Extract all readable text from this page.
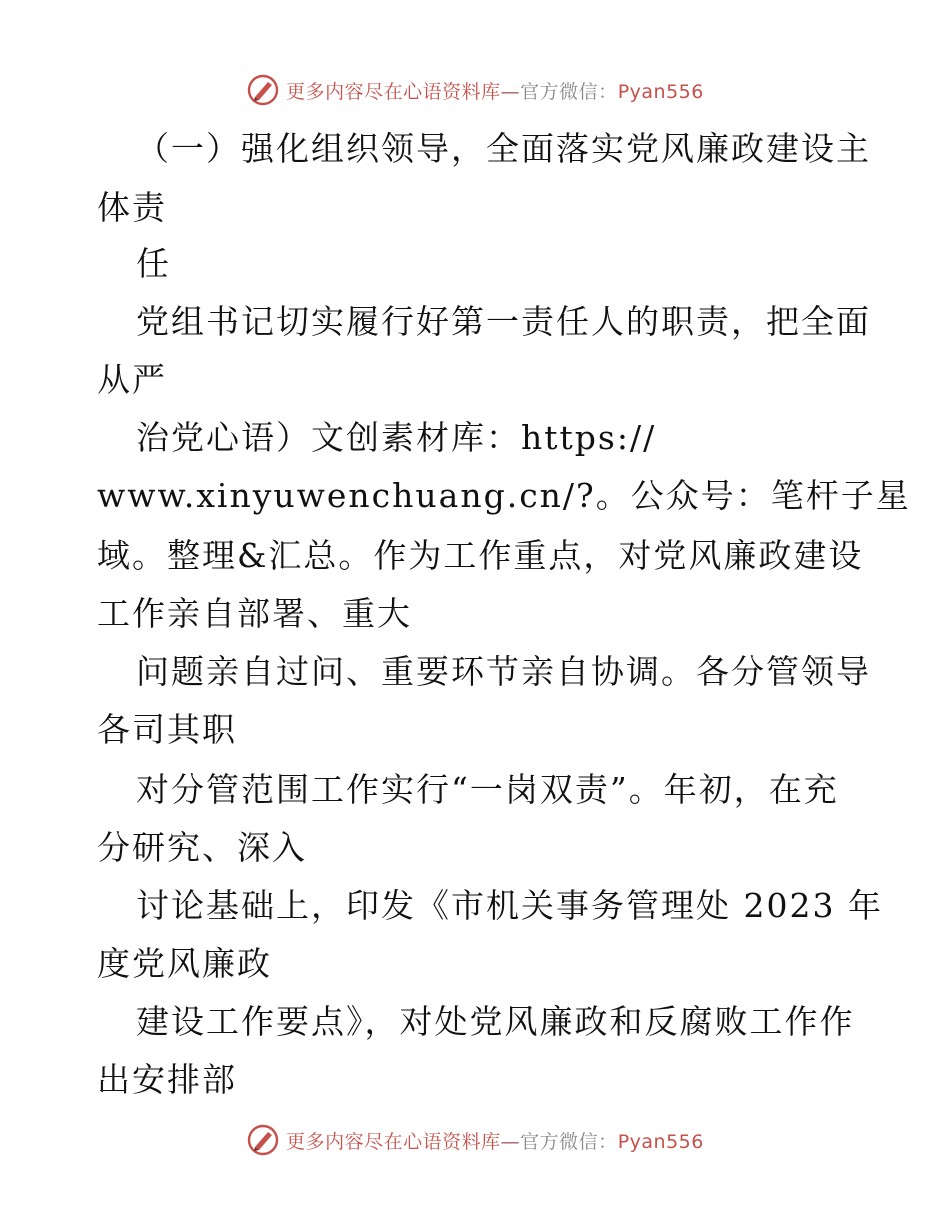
更多内容尽在心语资料库—官方微信：Pyan556
（一）强化组织领导，全面落实党风廉政建设主
体责
任
党组书记切实履行好第一责任人的职责，把全面
从严
治党心语）文创素材库：https://
www.xinyuwenchuang.cn/?。公众号：笔杆子星
域。整理&汇总。作为工作重点，对党风廉政建设
工作亲自部署、重大
问题亲自过问、重要环节亲自协调。各分管领导
各司其职
对分管范围工作实行“一岗双责”。年初，在充
分研究、深入
讨论基础上，印发《市机关事务管理处 2023 年
度党风廉政
建设工作要点》，对处党风廉政和反腐败工作作
出安排部
更多内容尽在心语资料库—官方微信：Pyan556
